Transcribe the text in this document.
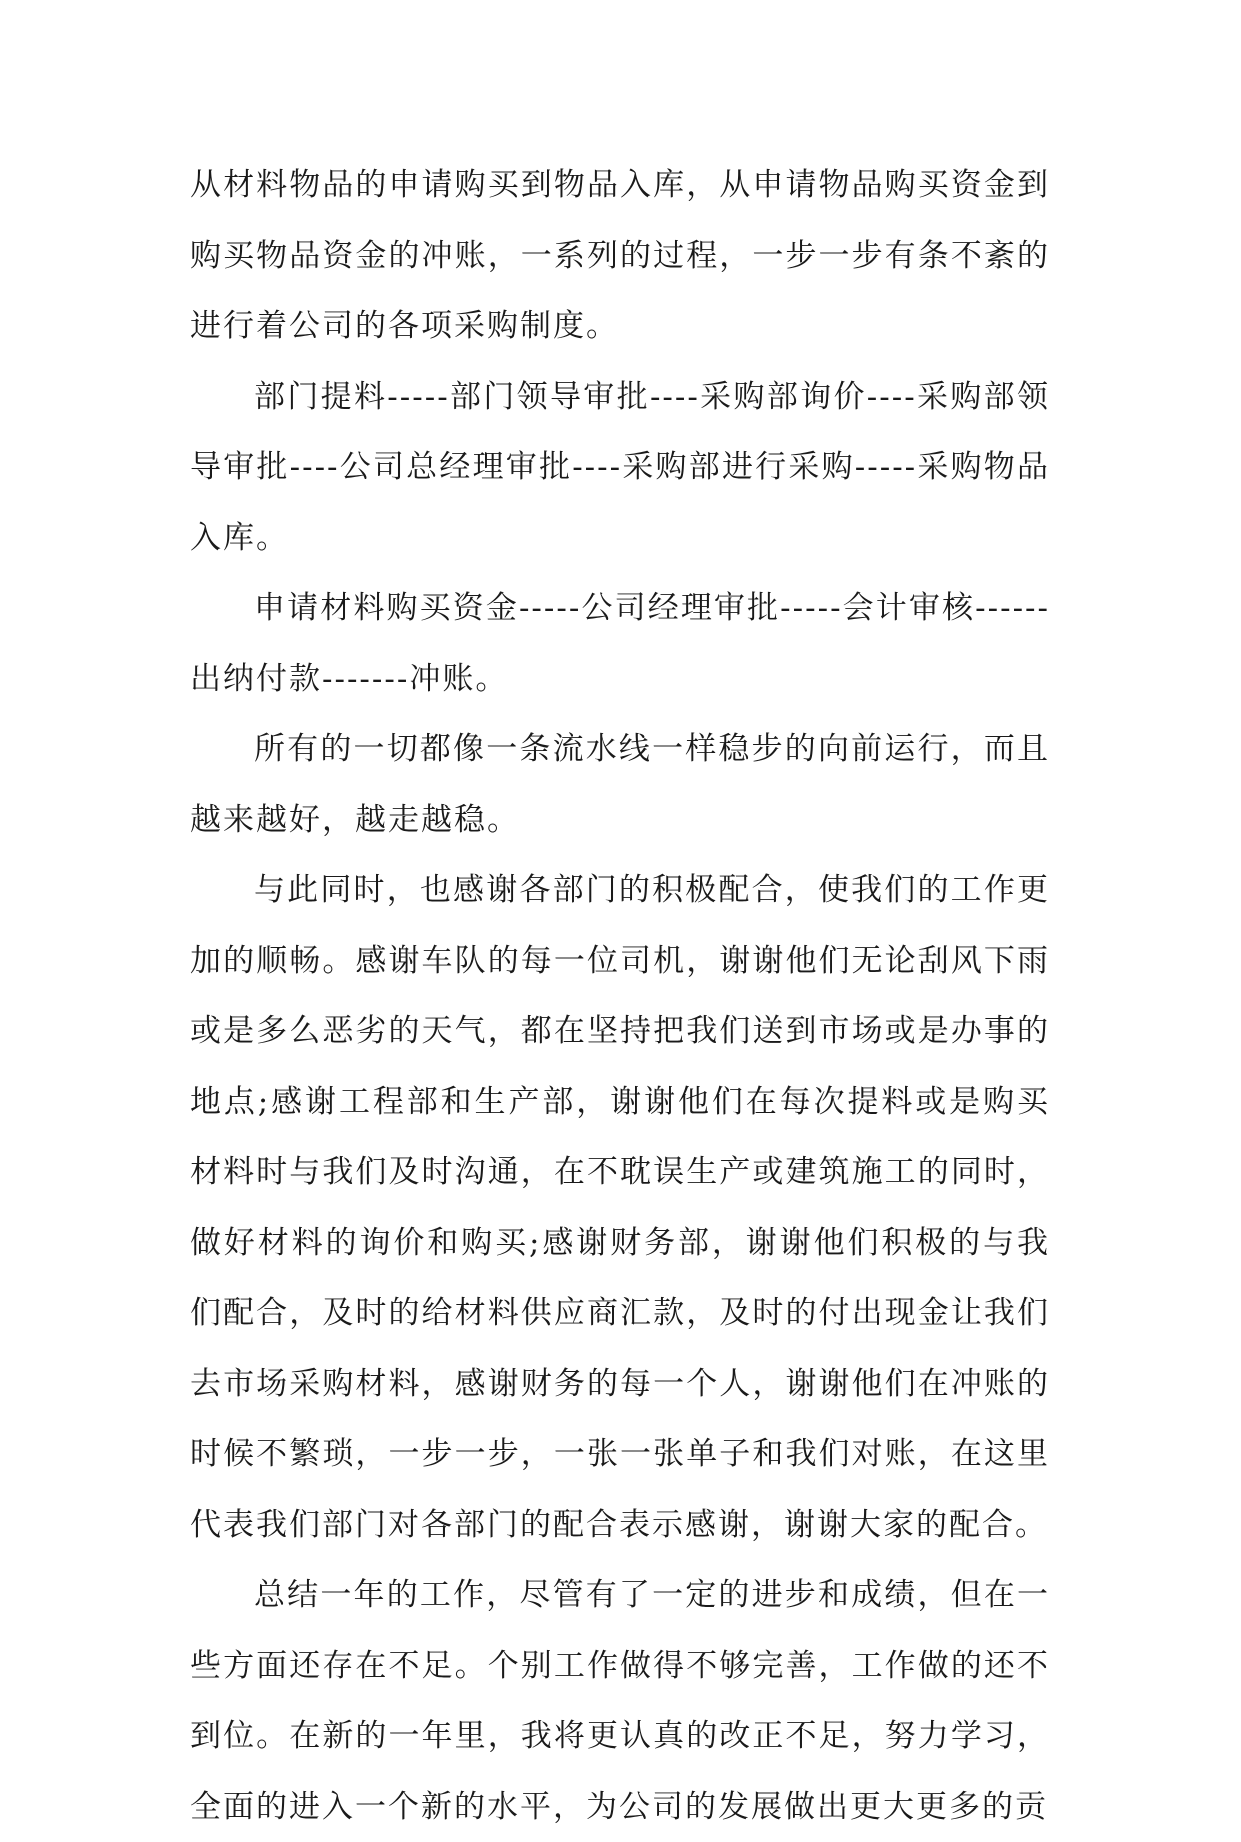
从材料物品的申请购买到物品入库，从申请物品购买资金到购买物品资金的冲账，一系列的过程，一步一步有条不紊的进行着公司的各项采购制度。

部门提料-----部门领导审批----采购部询价----采购部领导审批----公司总经理审批----采购部进行采购-----采购物品入库。

申请材料购买资金-----公司经理审批-----会计审核------出纳付款-------冲账。

所有的一切都像一条流水线一样稳步的向前运行，而且越来越好，越走越稳。

与此同时，也感谢各部门的积极配合，使我们的工作更加的顺畅。感谢车队的每一位司机，谢谢他们无论刮风下雨或是多么恶劣的天气，都在坚持把我们送到市场或是办事的地点;感谢工程部和生产部，谢谢他们在每次提料或是购买材料时与我们及时沟通，在不耽误生产或建筑施工的同时，做好材料的询价和购买;感谢财务部，谢谢他们积极的与我们配合，及时的给材料供应商汇款，及时的付出现金让我们去市场采购材料，感谢财务的每一个人，谢谢他们在冲账的时候不繁琐，一步一步，一张一张单子和我们对账，在这里代表我们部门对各部门的配合表示感谢，谢谢大家的配合。

总结一年的工作，尽管有了一定的进步和成绩，但在一些方面还存在不足。个别工作做得不够完善，工作做的还不到位。在新的一年里，我将更认真的改正不足，努力学习，全面的进入一个新的水平，为公司的发展做出更大更多的贡
